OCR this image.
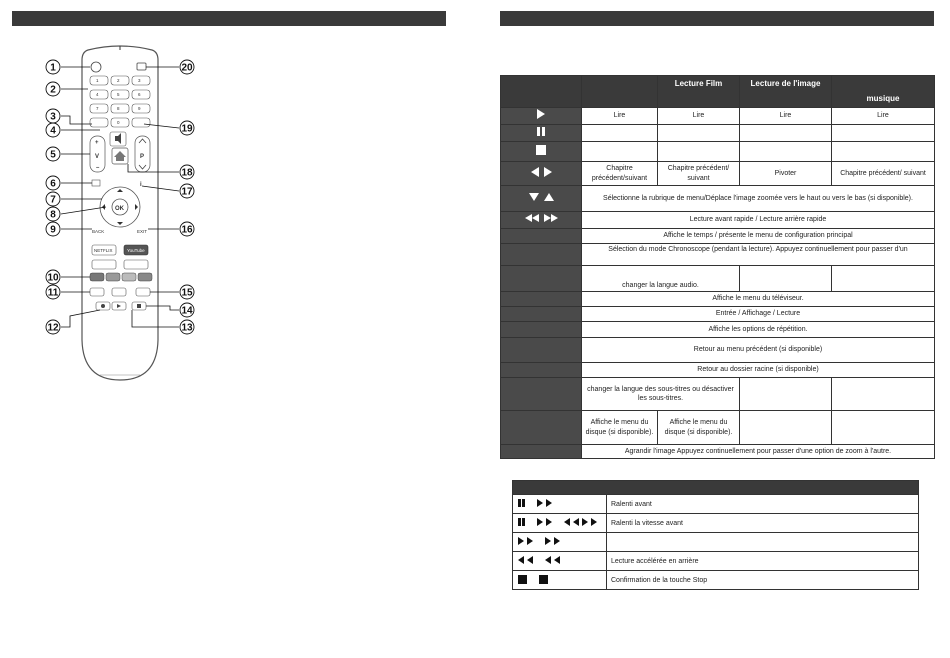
1	2	3
4	5	6
7	8	9
0
+
V
–
P
OK
BACK	EXIT
i
NETFLIX	YouTube
1
2
3
4
5
6
7
8
9
10
11
12	13
14
15
16
17
18
19
20
		Lecture Film	Lecture de l'image	musique

	Lire	Lire	Lire	Lire

	Chapitre précédent/suivant	Chapitre précédent/ suivant	Pivoter	Chapitre précédent/ suivant

	Sélectionne la rubrique de menu/Déplace l'image zoomée vers le haut ou vers le bas (si disponible).			

	Lecture avant rapide / Lecture arrière rapide			
	Affiche le temps / présente le menu de configuration principal			
	Sélection du mode Chronoscope (pendant la lecture). Appuyez continuellement pour passer d'un			
	changer la langue audio.			
	Affiche le menu du téléviseur.			
	Entrée / Affichage / Lecture			
	Affiche les options de répétition.			
	Retour au menu précédent (si disponible)			
	Retour au dossier racine (si disponible)			
	changer la langue des sous-titres ou désactiver les sous-titres.			
	Affiche le menu du disque (si disponible).	Affiche le menu du disque (si disponible).		
	Agrandir l'image Appuyez continuellement pour passer d'une option de zoom à l'autre.			

	Ralenti avant

	Ralenti la vitesse avant

	Lecture accélérée en arrière

	Confirmation de la touche Stop
